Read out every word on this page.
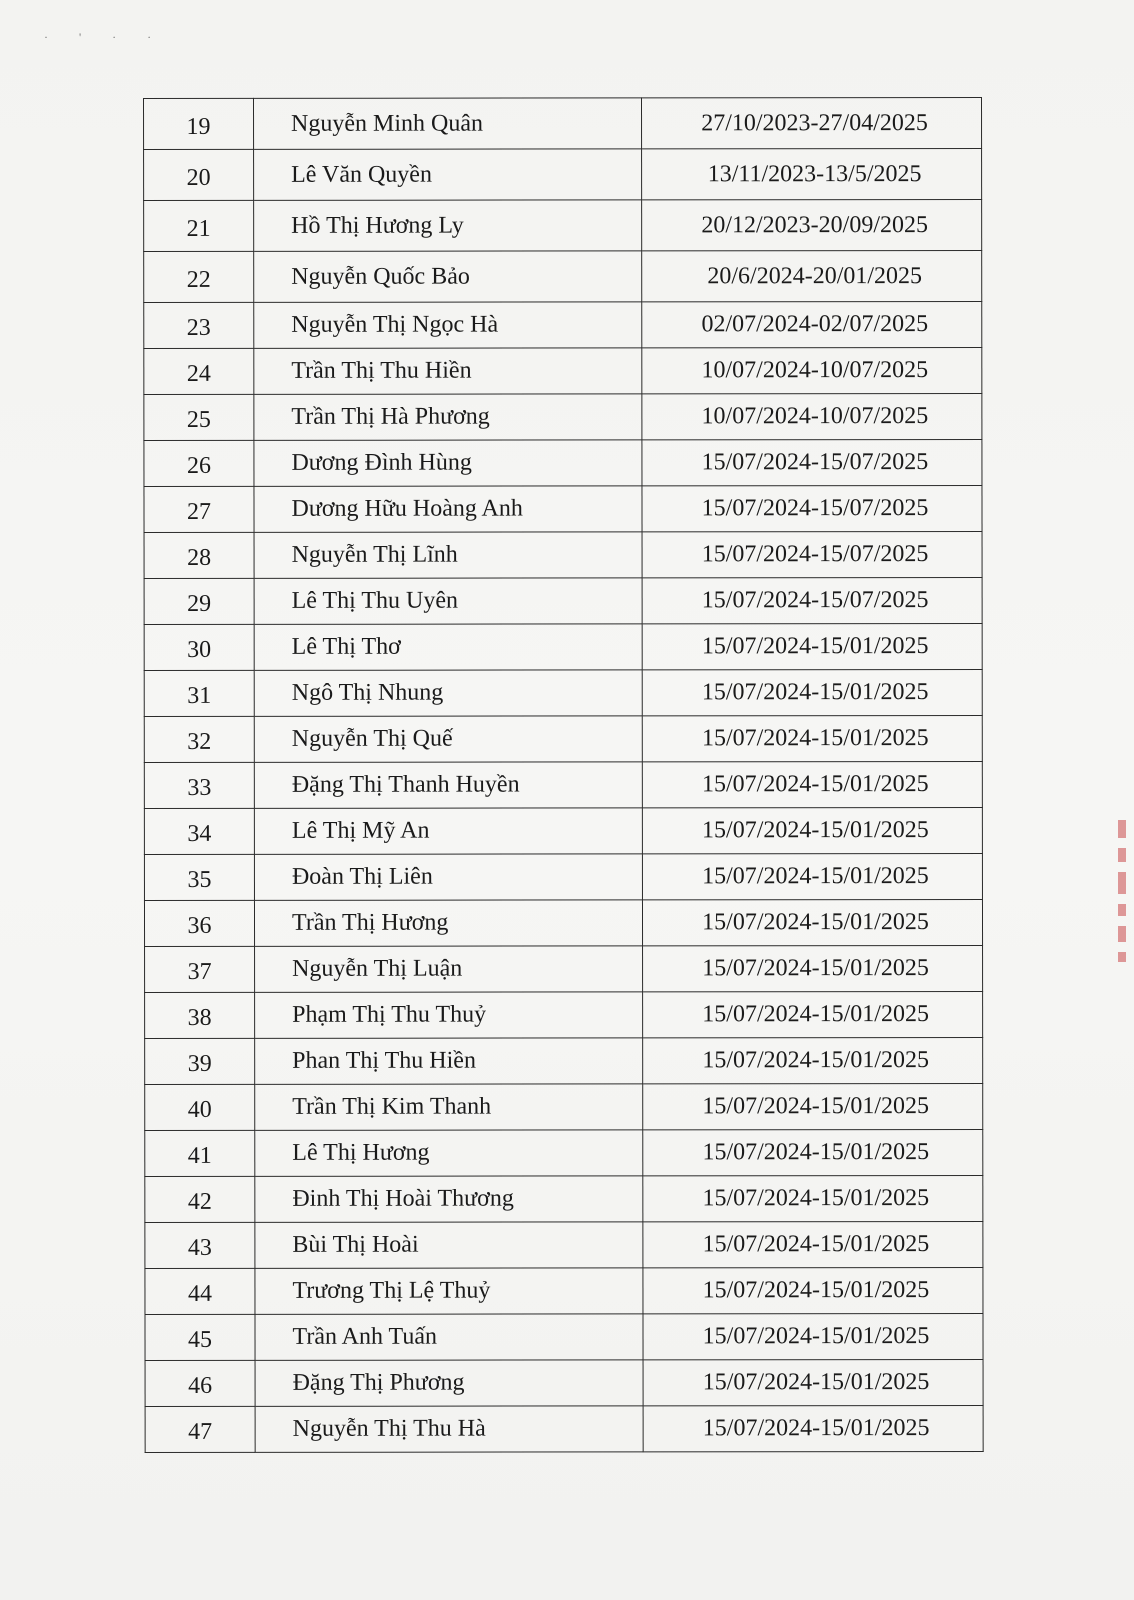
· ' · ·
19	Nguyễn Minh Quân	27/10/2023-27/04/2025
20	Lê Văn Quyền	13/11/2023-13/5/2025
21	Hồ Thị Hương Ly	20/12/2023-20/09/2025
22	Nguyễn Quốc Bảo	20/6/2024-20/01/2025
23	Nguyễn Thị Ngọc Hà	02/07/2024-02/07/2025
24	Trần Thị Thu Hiền	10/07/2024-10/07/2025
25	Trần Thị Hà Phương	10/07/2024-10/07/2025
26	Dương Đình Hùng	15/07/2024-15/07/2025
27	Dương Hữu Hoàng Anh	15/07/2024-15/07/2025
28	Nguyễn Thị Lĩnh	15/07/2024-15/07/2025
29	Lê Thị Thu Uyên	15/07/2024-15/07/2025
30	Lê Thị Thơ	15/07/2024-15/01/2025
31	Ngô Thị Nhung	15/07/2024-15/01/2025
32	Nguyễn Thị Quế	15/07/2024-15/01/2025
33	Đặng Thị Thanh Huyền	15/07/2024-15/01/2025
34	Lê Thị Mỹ An	15/07/2024-15/01/2025
35	Đoàn Thị Liên	15/07/2024-15/01/2025
36	Trần Thị Hương	15/07/2024-15/01/2025
37	Nguyễn Thị Luận	15/07/2024-15/01/2025
38	Phạm Thị Thu Thuỷ	15/07/2024-15/01/2025
39	Phan Thị Thu Hiền	15/07/2024-15/01/2025
40	Trần Thị Kim Thanh	15/07/2024-15/01/2025
41	Lê Thị Hương	15/07/2024-15/01/2025
42	Đinh Thị Hoài Thương	15/07/2024-15/01/2025
43	Bùi Thị Hoài	15/07/2024-15/01/2025
44	Trương Thị Lệ Thuỷ	15/07/2024-15/01/2025
45	Trần Anh Tuấn	15/07/2024-15/01/2025
46	Đặng Thị Phương	15/07/2024-15/01/2025
47	Nguyễn Thị Thu Hà	15/07/2024-15/01/2025
